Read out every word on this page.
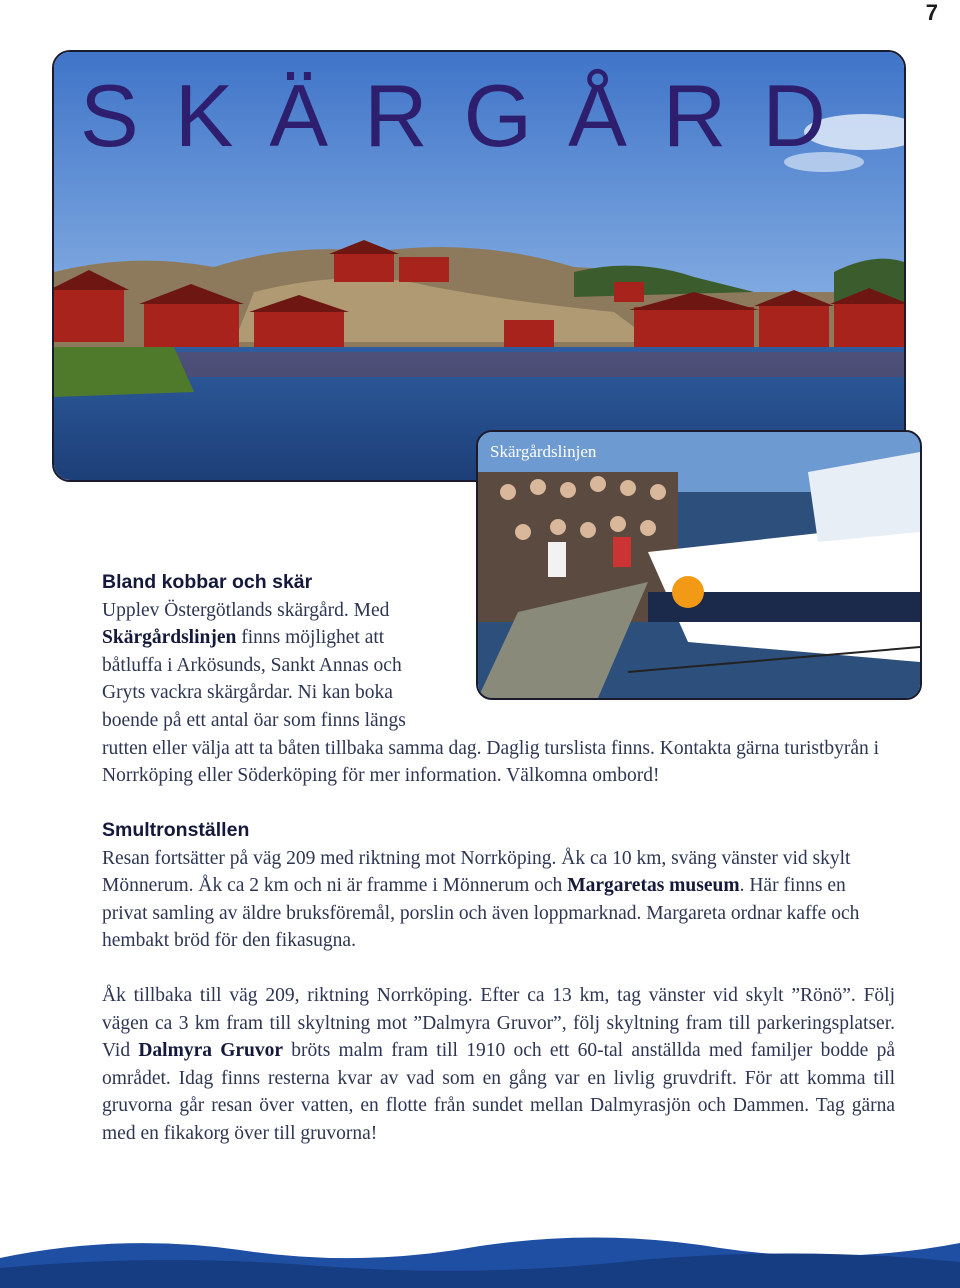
7
SKÄRGÅRD
Skärgårdslinjen
Bland kobbar och skär
Upplev Östergötlands skärgård. Med
Skärgårdslinjen finns möjlighet att
båtluffa i Arkösunds, Sankt Annas och
Gryts vackra skärgårdar. Ni kan boka
boende på ett antal öar som finns längs
rutten eller välja att ta båten tillbaka samma dag. Daglig turslista finns. Kontakta gärna turistbyrån i Norrköping eller Söderköping för mer information. Välkomna ombord!
Smultronställen
Resan fortsätter på väg 209 med riktning mot Norrköping. Åk ca 10 km, sväng vänster vid skylt Mönnerum. Åk ca 2 km och ni är framme i Mönnerum och Margaretas museum. Här finns en privat samling av äldre bruksföremål, porslin och även loppmarknad. Margareta ordnar kaffe och hembakt bröd för den fikasugna.
Åk tillbaka till väg 209, riktning Norrköping. Efter ca 13 km, tag vänster vid skylt ”Rönö”. Följ vägen ca 3 km fram till skyltning mot ”Dalmyra Gruvor”, följ skyltning fram till parkeringsplatser. Vid Dalmyra Gruvor bröts malm fram till 1910 och ett 60-tal anställda med familjer bodde på området. Idag finns resterna kvar av vad som en gång var en livlig gruvdrift. För att komma till gruvorna går resan över vatten, en flotte från sundet mellan Dalmyrasjön och Dammen. Tag gärna med en fikakorg över till gruvorna!
